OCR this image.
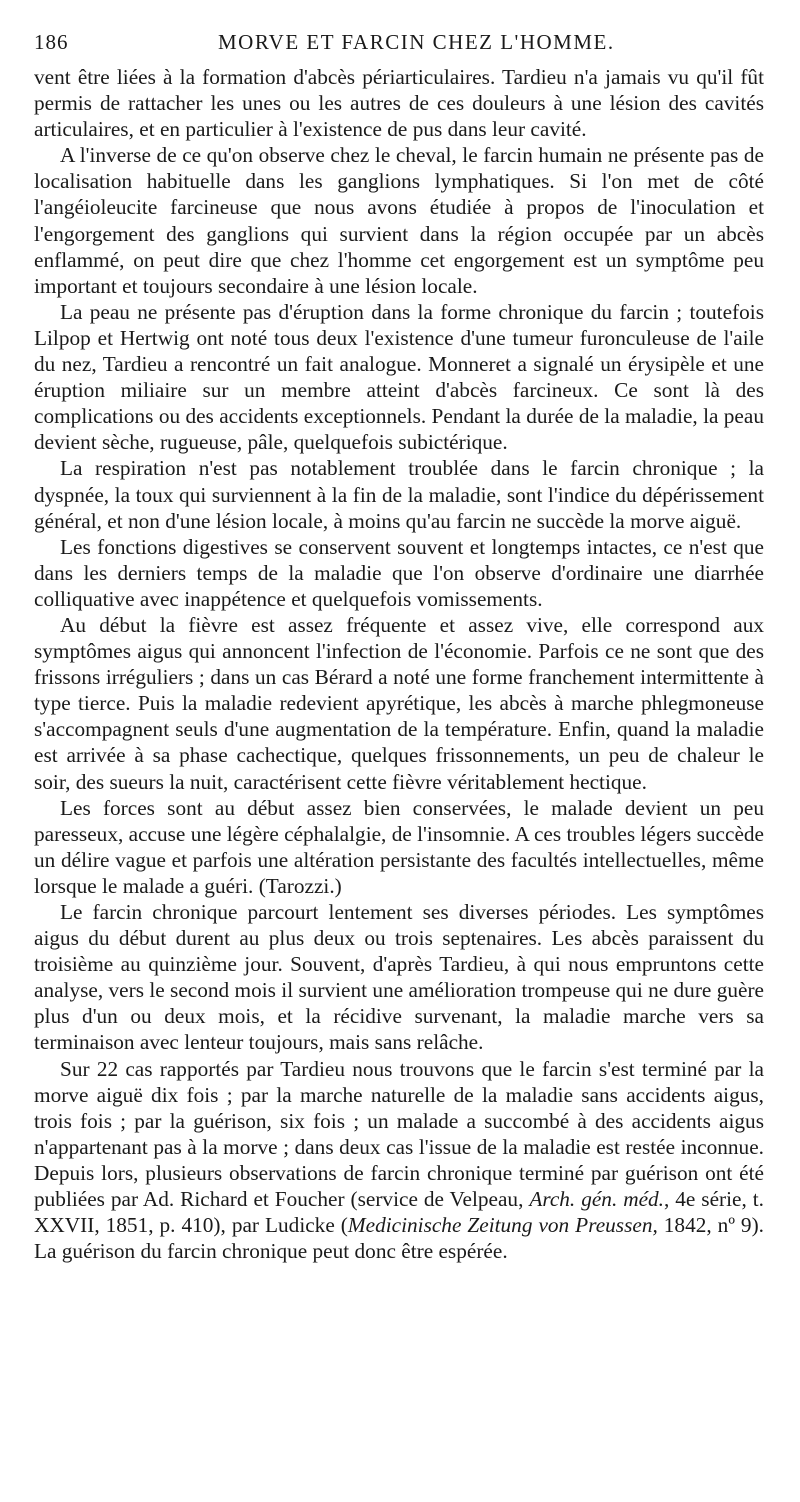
186	MORVE ET FARCIN CHEZ L'HOMME.

vent être liées à la formation d'abcès périarticulaires. Tardieu n'a jamais vu qu'il fût permis de rattacher les unes ou les autres de ces douleurs à une lésion des cavités articulaires, et en particulier à l'existence de pus dans leur cavité.

A l'inverse de ce qu'on observe chez le cheval, le farcin humain ne présente pas de localisation habituelle dans les ganglions lymphatiques. Si l'on met de côté l'angéioleucite farcineuse que nous avons étudiée à propos de l'inoculation et l'engorgement des ganglions qui survient dans la région occupée par un abcès enflammé, on peut dire que chez l'homme cet engorgement est un symptôme peu important et toujours secondaire à une lésion locale.

La peau ne présente pas d'éruption dans la forme chronique du farcin ; toutefois Lilpop et Hertwig ont noté tous deux l'existence d'une tumeur furonculeuse de l'aile du nez, Tardieu a rencontré un fait analogue. Monneret a signalé un érysipèle et une éruption miliaire sur un membre atteint d'abcès farcineux. Ce sont là des complications ou des accidents exceptionnels. Pendant la durée de la maladie, la peau devient sèche, rugueuse, pâle, quelquefois subictérique.

La respiration n'est pas notablement troublée dans le farcin chronique ; la dyspnée, la toux qui surviennent à la fin de la maladie, sont l'indice du dépérissement général, et non d'une lésion locale, à moins qu'au farcin ne succède la morve aiguë.

Les fonctions digestives se conservent souvent et longtemps intactes, ce n'est que dans les derniers temps de la maladie que l'on observe d'ordinaire une diarrhée colliquative avec inappétence et quelquefois vomissements.

Au début la fièvre est assez fréquente et assez vive, elle correspond aux symptômes aigus qui annoncent l'infection de l'économie. Parfois ce ne sont que des frissons irréguliers ; dans un cas Bérard a noté une forme franchement intermittente à type tierce. Puis la maladie redevient apyrétique, les abcès à marche phlegmoneuse s'accompagnent seuls d'une augmentation de la température. Enfin, quand la maladie est arrivée à sa phase cachectique, quelques frissonnements, un peu de chaleur le soir, des sueurs la nuit, caractérisent cette fièvre véritablement hectique.

Les forces sont au début assez bien conservées, le malade devient un peu paresseux, accuse une légère céphalalgie, de l'insomnie. A ces troubles légers succède un délire vague et parfois une altération persistante des facultés intellectuelles, même lorsque le malade a guéri. (Tarozzi.)

Le farcin chronique parcourt lentement ses diverses périodes. Les symptômes aigus du début durent au plus deux ou trois septenaires. Les abcès paraissent du troisième au quinzième jour. Souvent, d'après Tardieu, à qui nous empruntons cette analyse, vers le second mois il survient une amélioration trompeuse qui ne dure guère plus d'un ou deux mois, et la récidive survenant, la maladie marche vers sa terminaison avec lenteur toujours, mais sans relâche.

Sur 22 cas rapportés par Tardieu nous trouvons que le farcin s'est terminé par la morve aiguë dix fois ; par la marche naturelle de la maladie sans accidents aigus, trois fois ; par la guérison, six fois ; un malade a succombé à des accidents aigus n'appartenant pas à la morve ; dans deux cas l'issue de la maladie est restée inconnue. Depuis lors, plusieurs observations de farcin chronique terminé par guérison ont été publiées par Ad. Richard et Foucher (service de Velpeau, Arch. gén. méd., 4e série, t. XXVII, 1851, p. 410), par Ludicke (Medicinische Zeitung von Preussen, 1842, nº 9). La guérison du farcin chronique peut donc être espérée.
